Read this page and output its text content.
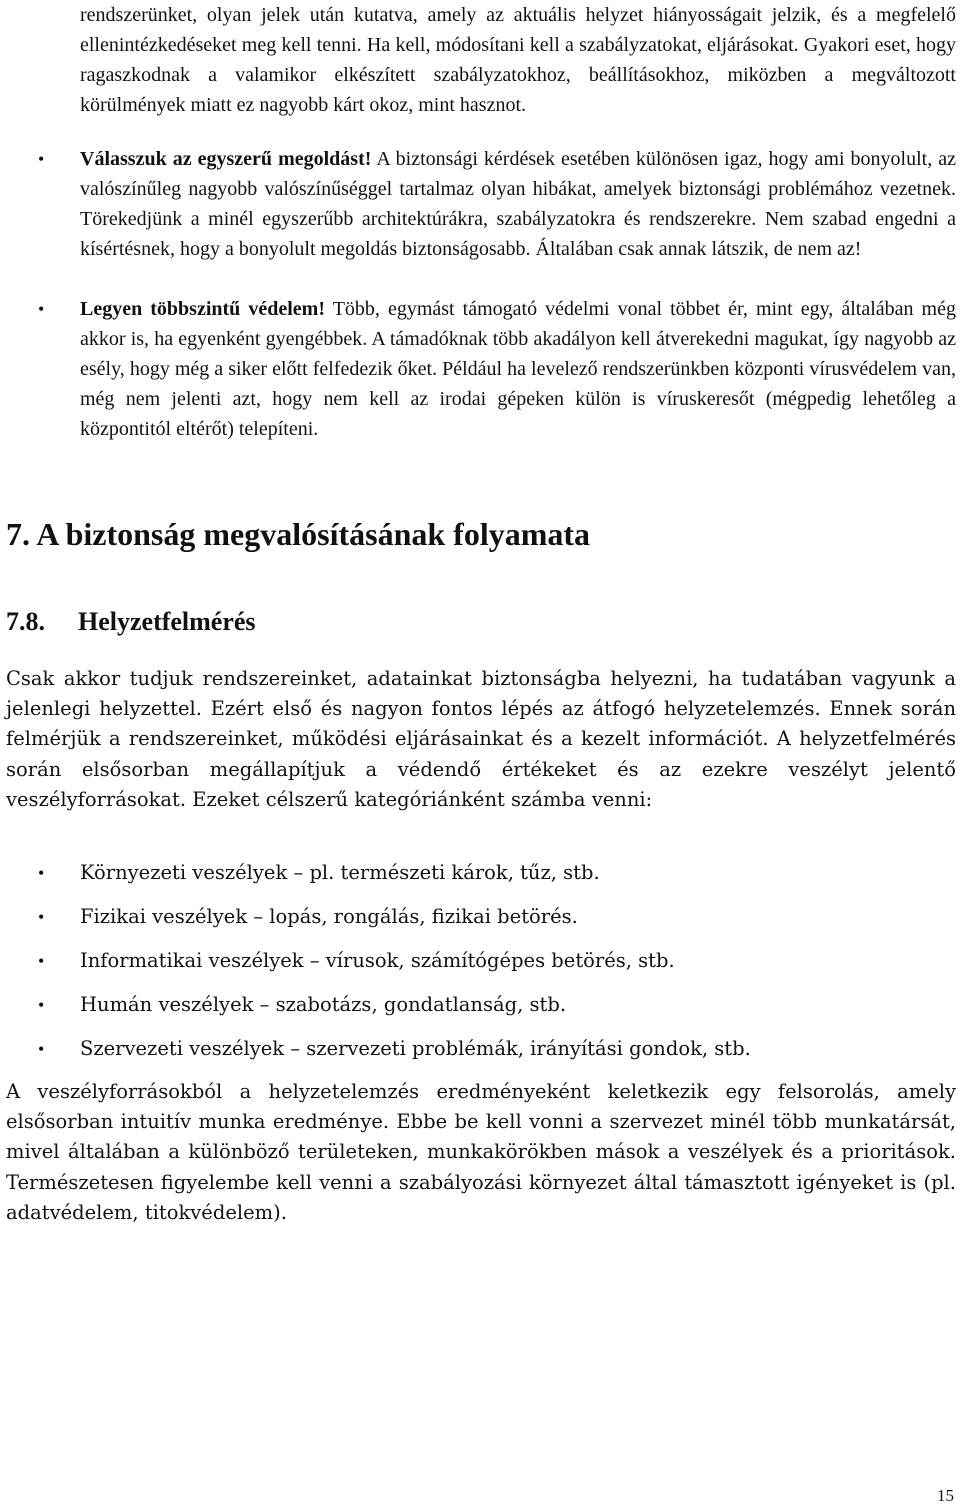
rendszerünket, olyan jelek után kutatva, amely az aktuális helyzet hiányosságait jelzik, és a megfelelő ellenintézkedéseket meg kell tenni. Ha kell, módosítani kell a szabályzatokat, eljárásokat. Gyakori eset, hogy ragaszkodnak a valamikor elkészített szabályzatokhoz, beállításokhoz, miközben a megváltozott körülmények miatt ez nagyobb kárt okoz, mint hasznot.
• Válasszuk az egyszerű megoldást! A biztonsági kérdések esetében különösen igaz, hogy ami bonyolult, az valószínűleg nagyobb valószínűséggel tartalmaz olyan hibákat, amelyek biztonsági problémához vezetnek. Törekedjünk a minél egyszerűbb architektúrákra, szabályzatokra és rendszerekre. Nem szabad engedni a kísértésnek, hogy a bonyolult megoldás biztonságosabb. Általában csak annak látszik, de nem az!
• Legyen többszintű védelem! Több, egymást támogató védelmi vonal többet ér, mint egy, általában még akkor is, ha egyenként gyengébbek. A támadóknak több akadályon kell átverekedni magukat, így nagyobb az esély, hogy még a siker előtt felfedezik őket. Például ha levelező rendszerünkben központi vírusvédelem van, még nem jelenti azt, hogy nem kell az irodai gépeken külön is víruskeresőt (mégpedig lehetőleg a központitól eltérőt) telepíteni.
7. A biztonság megvalósításának folyamata
7.8. Helyzetfelmérés
Csak akkor tudjuk rendszereinket, adatainkat biztonságba helyezni, ha tudatában vagyunk a jelenlegi helyzettel. Ezért első és nagyon fontos lépés az átfogó helyzetelemzés. Ennek során felmérjük a rendszereinket, működési eljárásainkat és a kezelt információt. A helyzetfelmérés során elsősorban megállapítjuk a védendő értékeket és az ezekre veszélyt jelentő veszélyforrásokat. Ezeket célszerű kategóriánként számba venni:
• Környezeti veszélyek – pl. természeti károk, tűz, stb.
• Fizikai veszélyek – lopás, rongálás, fizikai betörés.
• Informatikai veszélyek – vírusok, számítógépes betörés, stb.
• Humán veszélyek – szabotázs, gondatlanság, stb.
• Szervezeti veszélyek – szervezeti problémák, irányítási gondok, stb.
A veszélyforrásokból a helyzetelemzés eredményeként keletkezik egy felsorolás, amely elsősorban intuitív munka eredménye. Ebbe be kell vonni a szervezet minél több munkatársát, mivel általában a különböző területeken, munkakörökben mások a veszélyek és a prioritások. Természetesen figyelembe kell venni a szabályozási környezet által támasztott igényeket is (pl. adatvédelem, titokvédelem).
15
